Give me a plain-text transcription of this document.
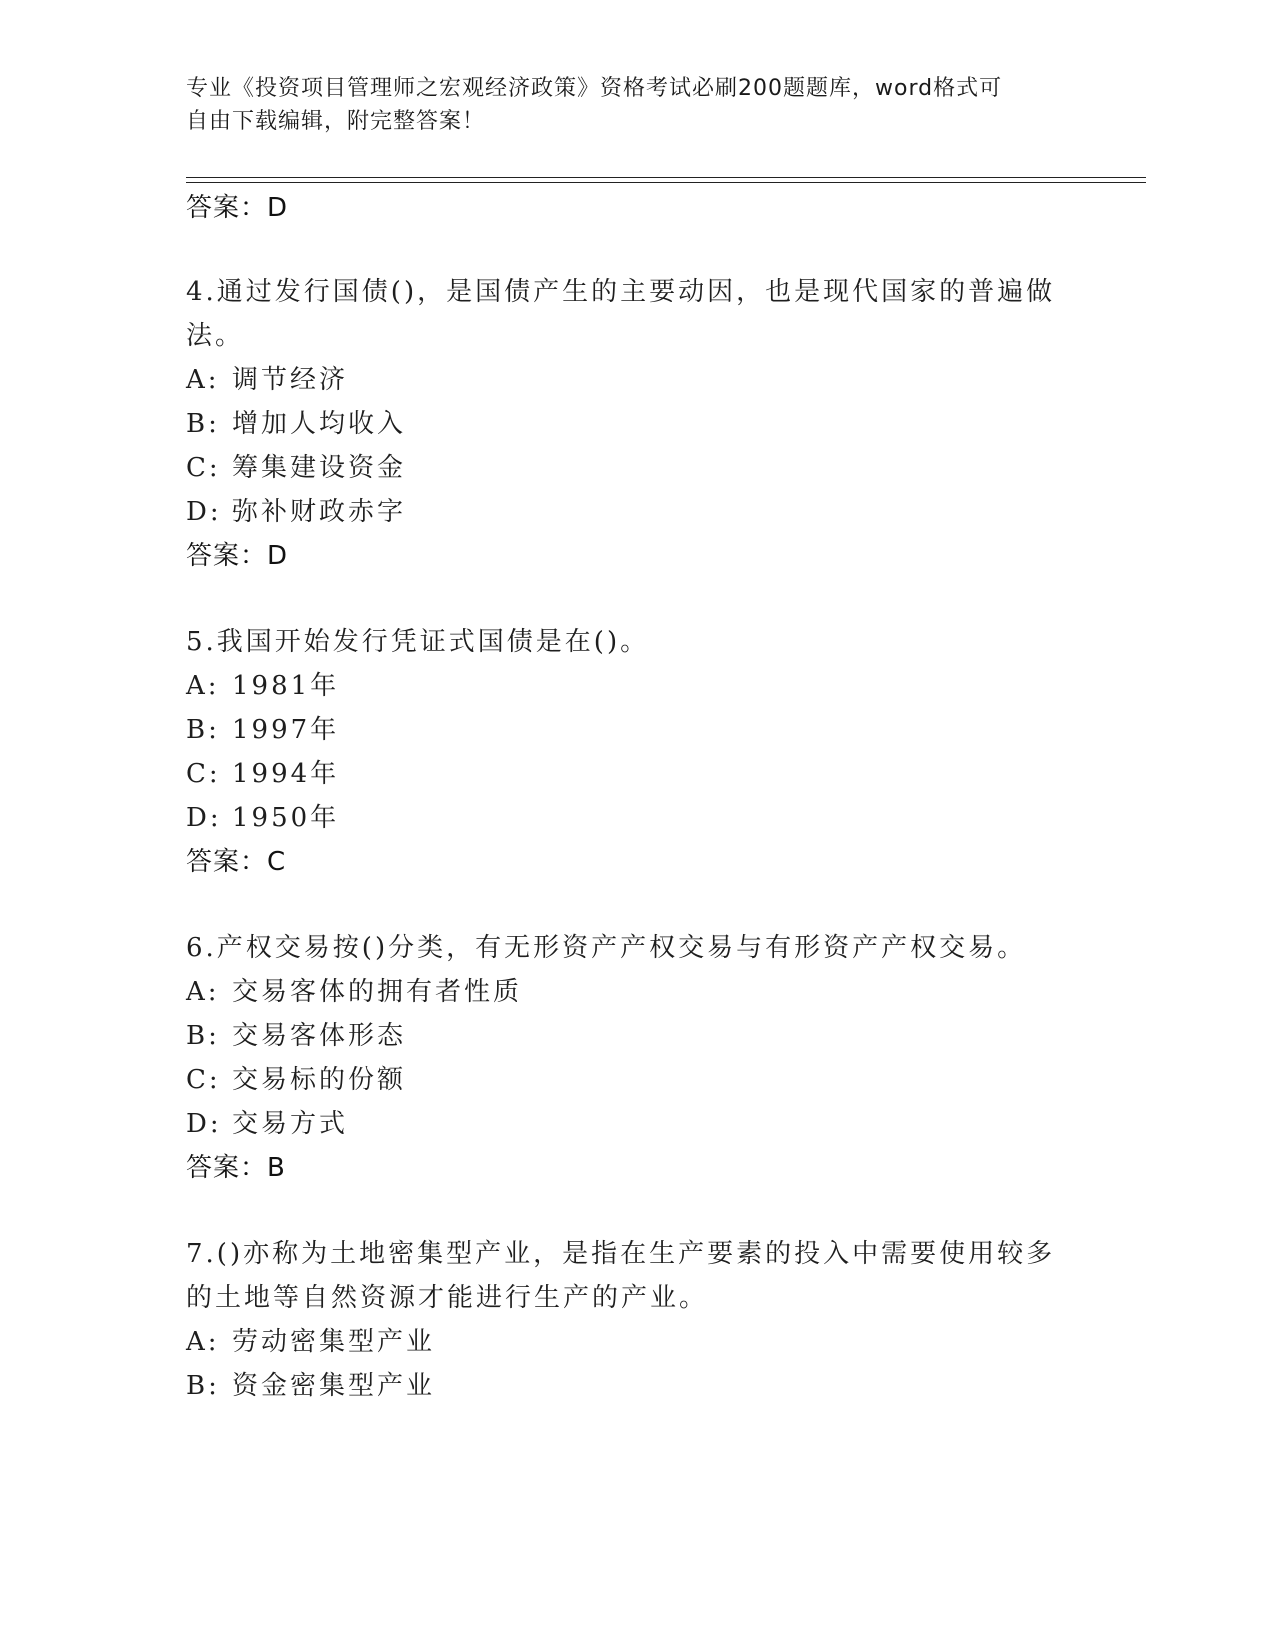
专业《投资项目管理师之宏观经济政策》资格考试必刷200题题库，word格式可
自由下载编辑，附完整答案！
答案：D
4.通过发行国债()，是国债产生的主要动因，也是现代国家的普遍做
法。
A: 调节经济
B: 增加人均收入
C: 筹集建设资金
D: 弥补财政赤字
答案：D
5.我国开始发行凭证式国债是在()。
A: 1981年
B: 1997年
C: 1994年
D: 1950年
答案：C
6.产权交易按()分类，有无形资产产权交易与有形资产产权交易。
A: 交易客体的拥有者性质
B: 交易客体形态
C: 交易标的份额
D: 交易方式
答案：B
7.()亦称为土地密集型产业，是指在生产要素的投入中需要使用较多
的土地等自然资源才能进行生产的产业。
A: 劳动密集型产业
B: 资金密集型产业
